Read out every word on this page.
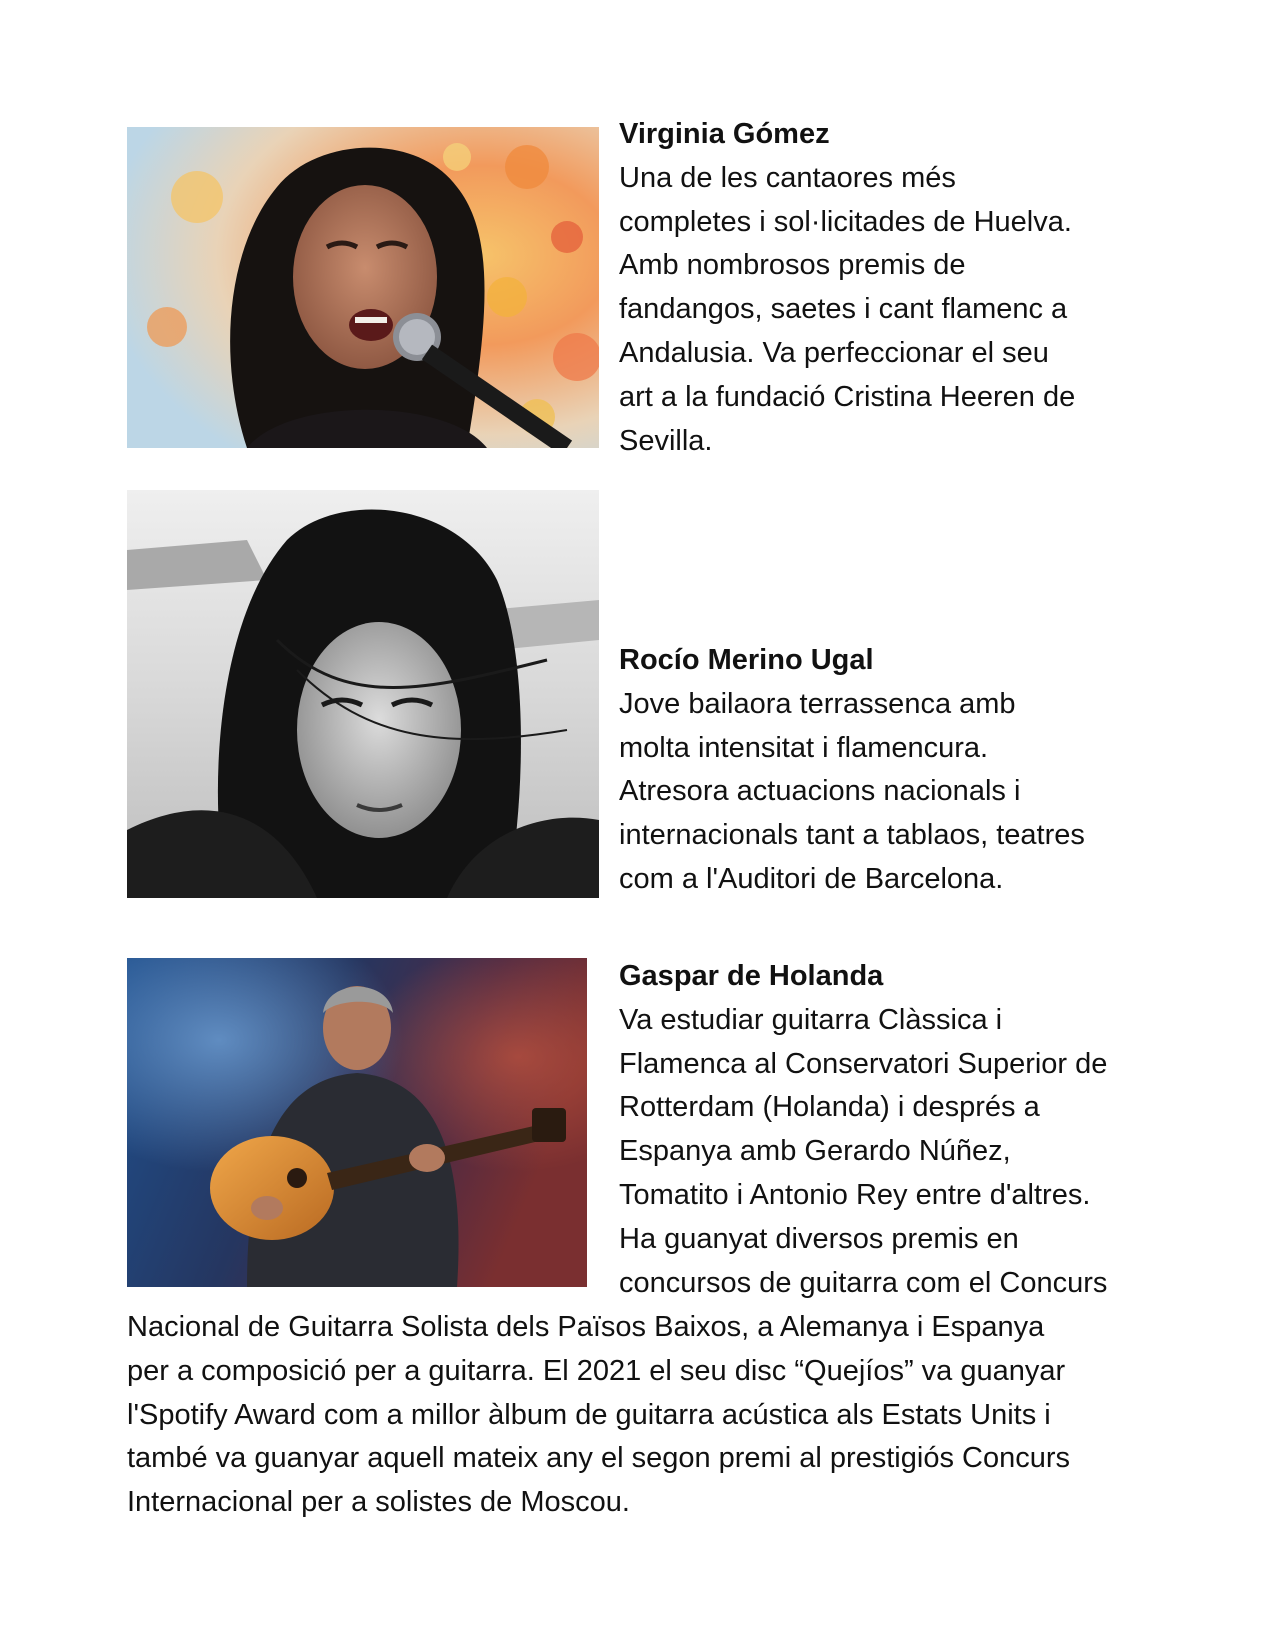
Virginia Gómez
Una de les cantaores més
completes i sol·licitades de Huelva.
Amb nombrosos premis de
fandangos, saetes i cant flamenc a
Andalusia. Va perfeccionar el seu
art a la fundació Cristina Heeren de
Sevilla.
Rocío Merino Ugal
Jove bailaora terrassenca amb
molta intensitat i flamencura.
Atresora actuacions nacionals i
internacionals tant a tablaos, teatres
com a l'Auditori de Barcelona.
Gaspar de Holanda
Va estudiar guitarra Clàssica i
Flamenca al Conservatori Superior de
Rotterdam (Holanda) i després a
Espanya amb Gerardo Núñez,
Tomatito i Antonio Rey entre d'altres.
Ha guanyat diversos premis en
concursos de guitarra com el Concurs
Nacional de Guitarra Solista dels Països Baixos, a Alemanya i Espanya
per a composició per a guitarra. El 2021 el seu disc “Quejíos” va guanyar
l'Spotify Award com a millor àlbum de guitarra acústica als Estats Units i
també va guanyar aquell mateix any el segon premi al prestigiós Concurs
Internacional per a solistes de Moscou.
